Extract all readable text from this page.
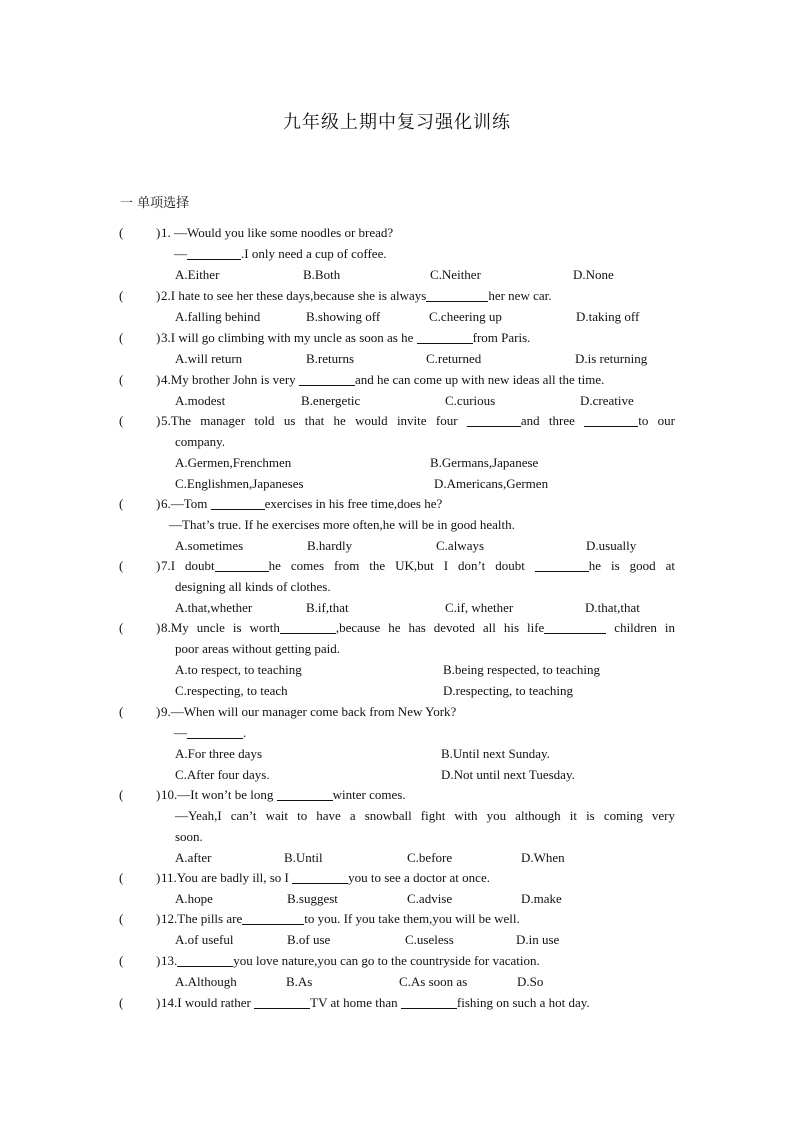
九年级上期中复习强化训练
一 单项选择
(	) 1. —Would you like some noodles or bread?
—	.I only need a cup of coffee.
A.Either	B.Both	C.Neither	D.None
(	) 2.I hate to see her these days,because she is always	her new car.
A.falling behind	B.showing off	C.cheering up	D.taking off
(	) 3.I will go climbing with my uncle as soon as he	from Paris.
A.will return	B.returns	C.returned	D.is returning
(	) 4.My brother John is very	and he can come up with new ideas all the time.
A.modest	B.energetic	C.curious	D.creative
(	) 5.The manager told us that he would invite four	and three	to our
company.
A.Germen,Frenchmen	B.Germans,Japanese
C.Englishmen,Japaneses	D.Americans,Germen
(	) 6.—Tom	exercises in his free time,does he?
—That’s true. If he exercises more often,he will be in good health.
A.sometimes	B.hardly	C.always	D.usually
(	) 7.I doubt	he comes from the UK,but I don’t doubt	he is good at
designing all kinds of clothes.
A.that,whether	B.if,that	C.if, whether	D.that,that
(	) 8.My uncle is worth	,because he has devoted all his life	children in
poor areas without getting paid.
A.to respect, to teaching	B.being respected, to teaching
C.respecting, to teach	D.respecting, to teaching
(	) 9.—When will our manager come back from New York?
—	.
A.For three days	B.Until next Sunday.
C.After four days.	D.Not until next Tuesday.
(	) 10.—It won’t be long	winter comes.
—Yeah,I can’t wait to have a snowball fight with you although it is coming very
soon.
A.after	B.Until	C.before	D.When
(	) 11.You are badly ill, so I	you to see a doctor at once.
A.hope	B.suggest	C.advise	D.make
(	) 12.The pills are	to you. If you take them,you will be well.
A.of useful	B.of use	C.useless	D.in use
(	) 13.	you love nature,you can go to the countryside for vacation.
A.Although	B.As	C.As soon as	D.So
(	) 14.I would rather	TV at home than	fishing on such a hot day.
